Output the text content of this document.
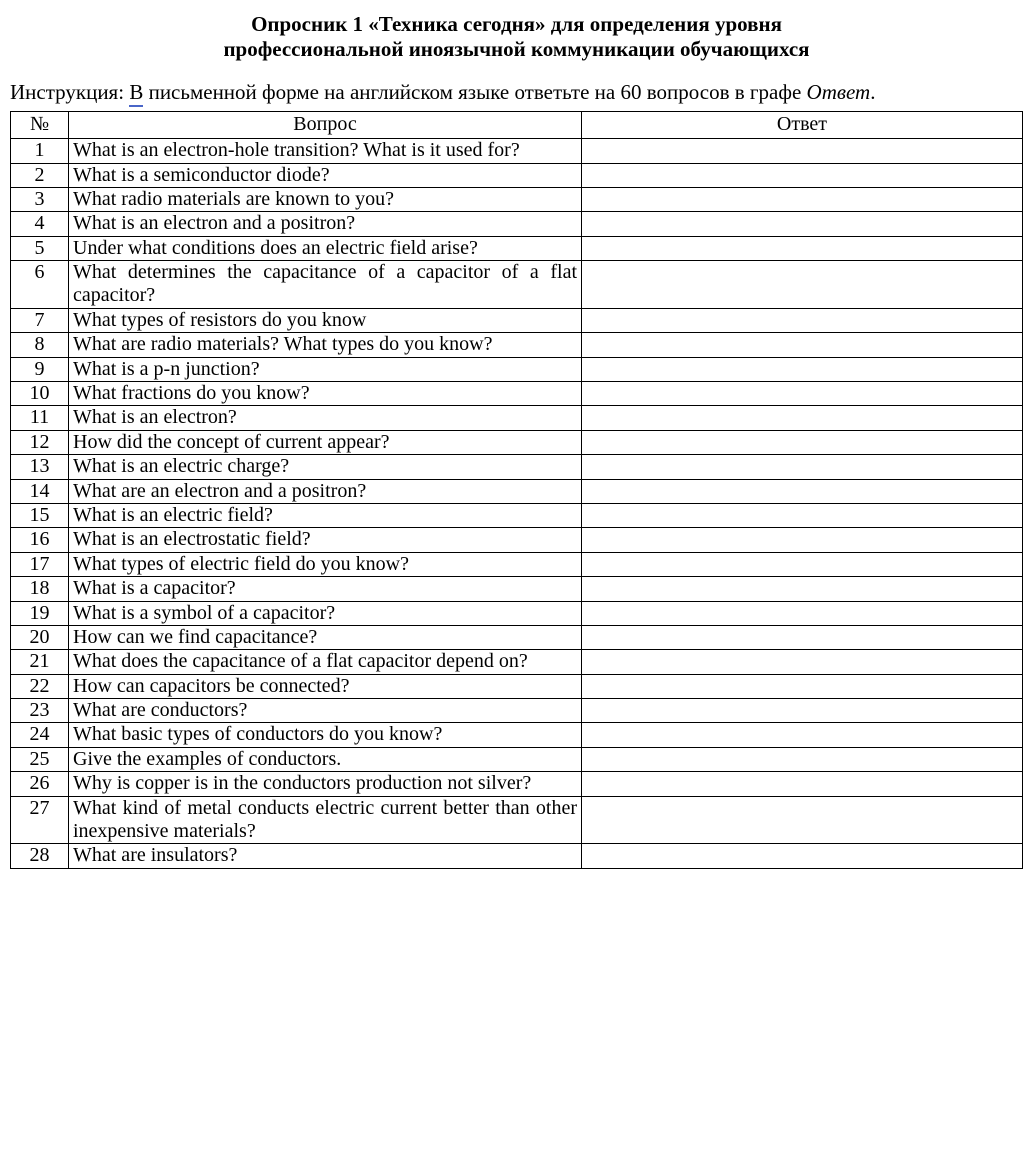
Опросник 1 «Техника сегодня» для определения уровня
профессиональной иноязычной коммуникации обучающихся

Инструкция: В письменной форме на английском языке ответьте на 60 вопросов в графе Ответ.

№	Вопрос	Ответ
1	What is an electron-hole transition? What is it used for?	
2	What is a semiconductor diode?	
3	What radio materials are known to you?	
4	What is an electron and a positron?	
5	Under what conditions does an electric field arise?	
6	What determines the capacitance of a capacitor of a flat capacitor?	
7	What types of resistors do you know	
8	What are radio materials? What types do you know?	
9	What is a p-n junction?	
10	What fractions do you know?	
11	What is an electron?	
12	How did the concept of current appear?	
13	What is an electric charge?	
14	What are an electron and a positron?	
15	What is an electric field?	
16	What is an electrostatic field?	
17	What types of electric field do you know?	
18	What is a capacitor?	
19	What is a symbol of a capacitor?	
20	How can we find capacitance?	
21	What does the capacitance of a flat capacitor depend on?	
22	How can capacitors be connected?	
23	What are conductors?	
24	What basic types of conductors do you know?	
25	Give the examples of conductors.	
26	Why is copper is in the conductors production not silver?	
27	What kind of metal conducts electric current better than other inexpensive materials?	
28	What are insulators?	
